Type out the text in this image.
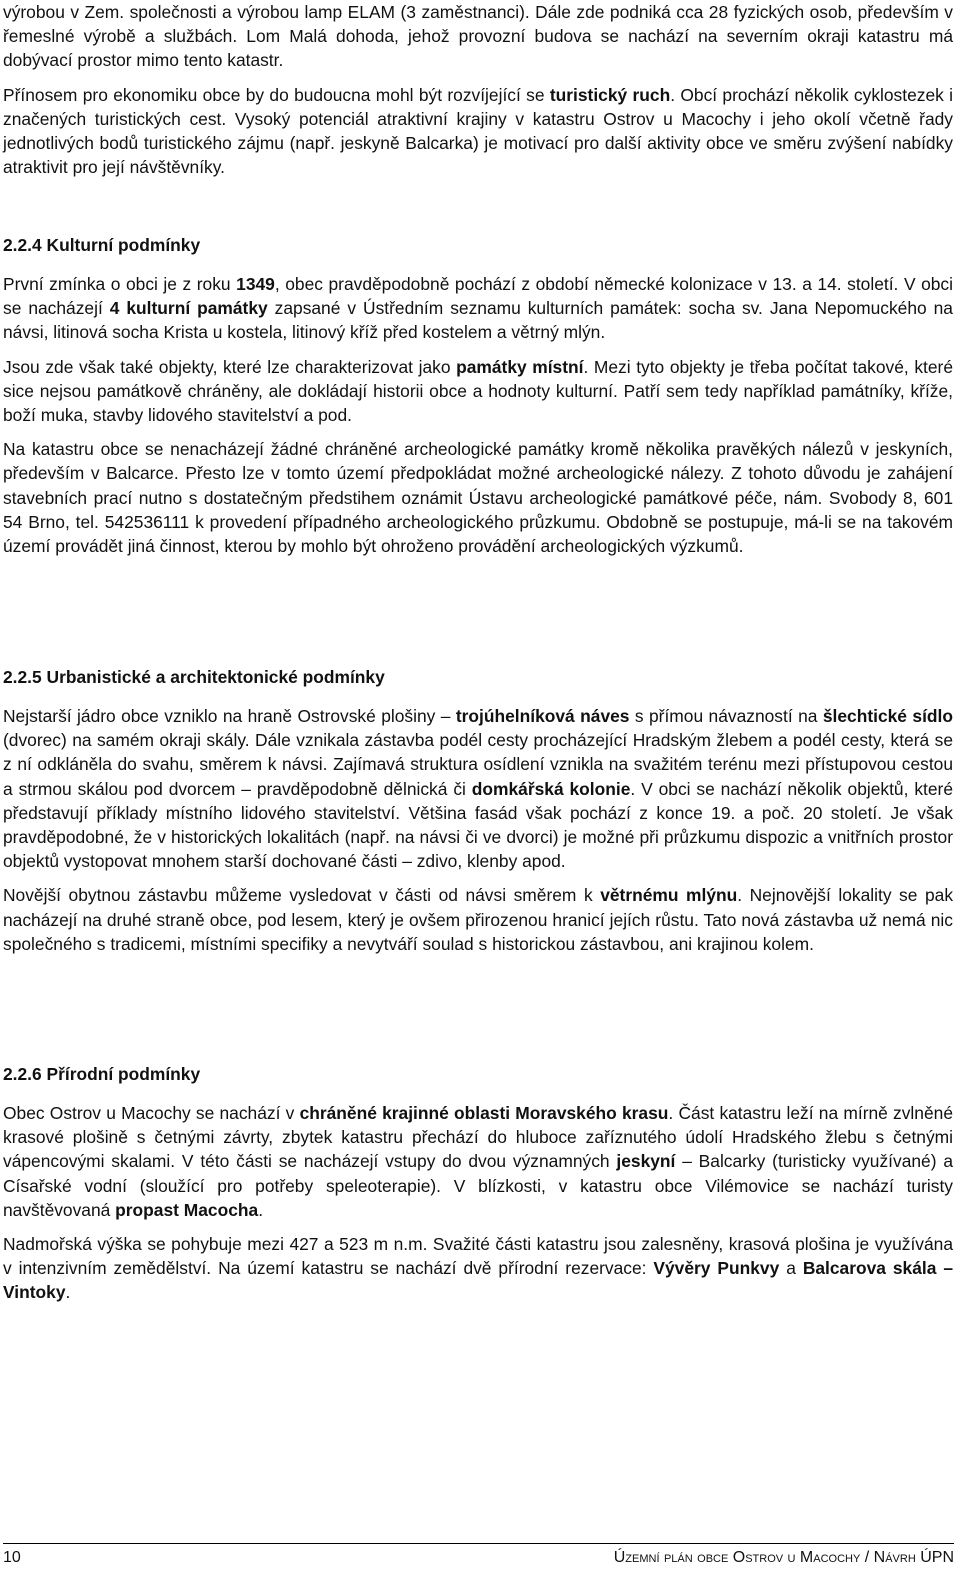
výrobou v Zem. společnosti a výrobou lamp ELAM (3 zaměstnanci). Dále zde podniká cca 28 fyzických osob, především v řemeslné výrobě a službách. Lom Malá dohoda, jehož provozní budova se nachází na severním okraji katastru má dobývací prostor mimo tento katastr.

Přínosem pro ekonomiku obce by do budoucna mohl být rozvíjející se turistický ruch. Obcí prochází několik cyklostezek i značených turistických cest. Vysoký potenciál atraktivní krajiny v katastru Ostrov u Macochy i jeho okolí včetně řady jednotlivých bodů turistického zájmu (např. jeskyně Balcarka) je motivací pro další aktivity obce ve směru zvýšení nabídky atraktivit pro její návštěvníky.

2.2.4 Kulturní podmínky

První zmínka o obci je z roku 1349, obec pravděpodobně pochází z období německé kolonizace v 13. a 14. století. V obci se nacházejí 4 kulturní památky zapsané v Ústředním seznamu kulturních památek: socha sv. Jana Nepomuckého na návsi, litinová socha Krista u kostela, litinový kříž před kostelem a větrný mlýn.

Jsou zde však také objekty, které lze charakterizovat jako památky místní. Mezi tyto objekty je třeba počítat takové, které sice nejsou památkově chráněny, ale dokládají historii obce a hodnoty kulturní. Patří sem tedy například památníky, kříže, boží muka, stavby lidového stavitelství a pod.

Na katastru obce se nenacházejí žádné chráněné archeologické památky kromě několika pravěkých nálezů v jeskyních, především v Balcarce. Přesto lze v tomto území předpokládat možné archeologické nálezy. Z tohoto důvodu je zahájení stavebních prací nutno s dostatečným předstihem oznámit Ústavu archeologické památkové péče, nám. Svobody 8, 601 54 Brno, tel. 542536111 k provedení případného archeologického průzkumu. Obdobně se postupuje, má-li se na takovém území provádět jiná činnost, kterou by mohlo být ohroženo provádění archeologických výzkumů.

2.2.5 Urbanistické a architektonické podmínky

Nejstarší jádro obce vzniklo na hraně Ostrovské plošiny – trojúhelníková náves s přímou návazností na šlechtické sídlo (dvorec) na samém okraji skály. Dále vznikala zástavba podél cesty procházející Hradským žlebem a podél cesty, která se z ní odkláněla do svahu, směrem k návsi. Zajímavá struktura osídlení vznikla na svažitém terénu mezi přístupovou cestou a strmou skálou pod dvorcem – pravděpodobně dělnická či domkářská kolonie. V obci se nachází několik objektů, které představují příklady místního lidového stavitelství. Většina fasád však pochází z konce 19. a poč. 20 století. Je však pravděpodobné, že v historických lokalitách (např. na návsi či ve dvorci) je možné při průzkumu dispozic a vnitřních prostor objektů vystopovat mnohem starší dochované části – zdivo, klenby apod.

Novější obytnou zástavbu můžeme vysledovat v části od návsi směrem k větrnému mlýnu. Nejnovější lokality se pak nacházejí na druhé straně obce, pod lesem, který je ovšem přirozenou hranicí jejích růstu. Tato nová zástavba už nemá nic společného s tradicemi, místními specifiky a nevytváří soulad s historickou zástavbou, ani krajinou kolem.

2.2.6 Přírodní podmínky

Obec Ostrov u Macochy se nachází v chráněné krajinné oblasti Moravského krasu. Část katastru leží na mírně zvlněné krasové plošině s četnými závrty, zbytek katastru přechází do hluboce zaříznutého údolí Hradského žlebu s četnými vápencovými skalami. V této části se nacházejí vstupy do dvou významných jeskyní – Balcarky (turisticky využívané) a Císařské vodní (sloužící pro potřeby speleoterapie). V blízkosti, v katastru obce Vilémovice se nachází turisty navštěvovaná propast Macocha.

Nadmořská výška se pohybuje mezi 427 a 523 m n.m. Svažité části katastru jsou zalesněny, krasová plošina je využívána v intenzivním zemědělství. Na území katastru se nachází dvě přírodní rezervace: Vývěry Punkvy a Balcarova skála – Vintoky.

10	Územní plán obce Ostrov u Macochy / Návrh ÚPN
